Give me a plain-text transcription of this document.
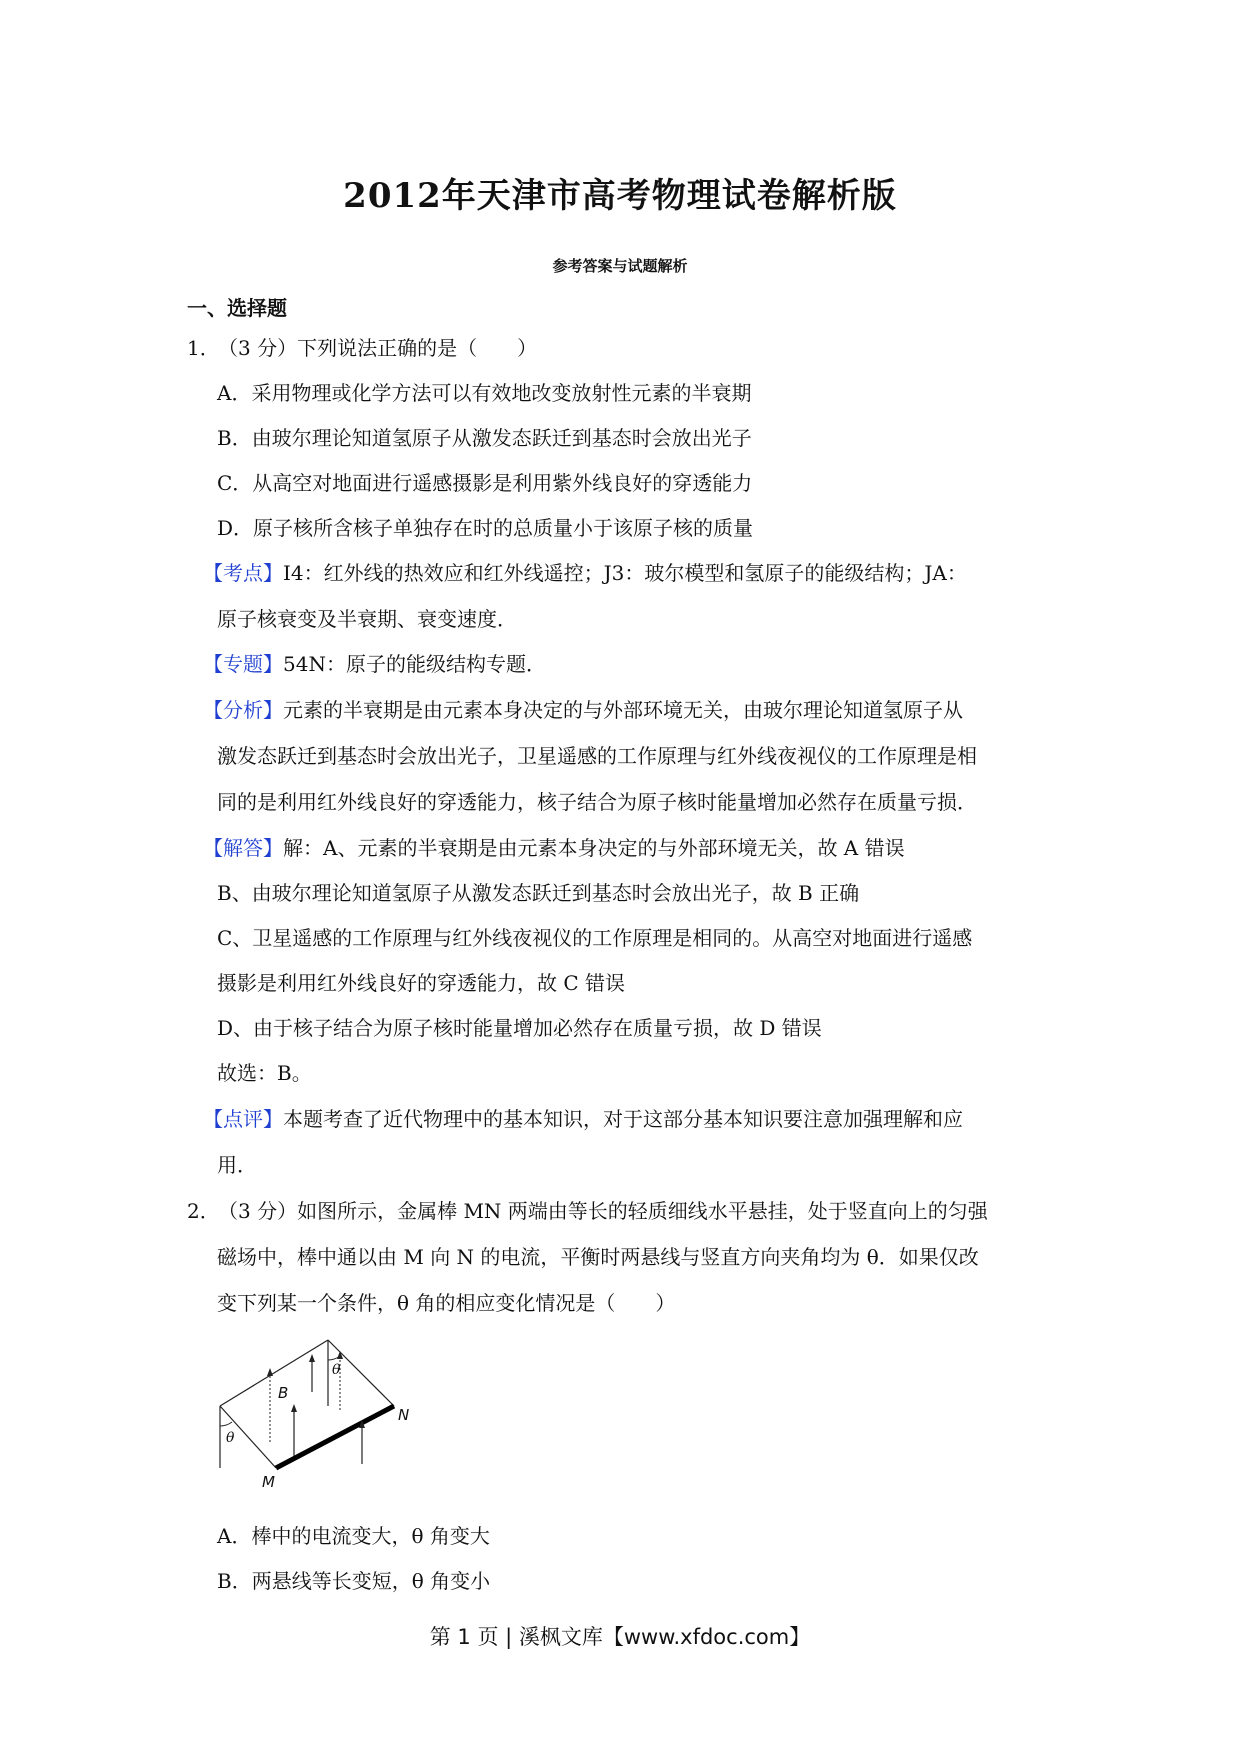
2012年天津市高考物理试卷解析版
参考答案与试题解析
一、选择题
1．
（3 分）下列说法正确的是（　　）
A．采用物理或化学方法可以有效地改变放射性元素的半衰期
B．由玻尔理论知道氢原子从激发态跃迁到基态时会放出光子
C．从高空对地面进行遥感摄影是利用紫外线良好的穿透能力
D．原子核所含核子单独存在时的总质量小于该原子核的质量
【考点】I4：红外线的热效应和红外线遥控；J3：玻尔模型和氢原子的能级结构；JA：
原子核衰变及半衰期、衰变速度．
【专题】54N：原子的能级结构专题．
【分析】元素的半衰期是由元素本身决定的与外部环境无关，由玻尔理论知道氢原子从
激发态跃迁到基态时会放出光子，卫星遥感的工作原理与红外线夜视仪的工作原理是相
同的是利用红外线良好的穿透能力，核子结合为原子核时能量增加必然存在质量亏损．
【解答】解：A、元素的半衰期是由元素本身决定的与外部环境无关，故 A 错误
B、由玻尔理论知道氢原子从激发态跃迁到基态时会放出光子，故 B 正确
C、卫星遥感的工作原理与红外线夜视仪的工作原理是相同的。从高空对地面进行遥感
摄影是利用红外线良好的穿透能力，故 C 错误
D、由于核子结合为原子核时能量增加必然存在质量亏损，故 D 错误
故选：B。
【点评】本题考查了近代物理中的基本知识，对于这部分基本知识要注意加强理解和应
用．
2．
（3 分）如图所示，金属棒 MN 两端由等长的轻质细线水平悬挂，处于竖直向上的匀强
磁场中，棒中通以由 M 向 N 的电流，平衡时两悬线与竖直方向夹角均为 θ．如果仅改
变下列某一个条件，θ 角的相应变化情况是（　　）
B
N
M
θ
θ
A．棒中的电流变大，θ 角变大
B．两悬线等长变短，θ 角变小
第 1 页 | 溪枫文库【www.xfdoc.com】
